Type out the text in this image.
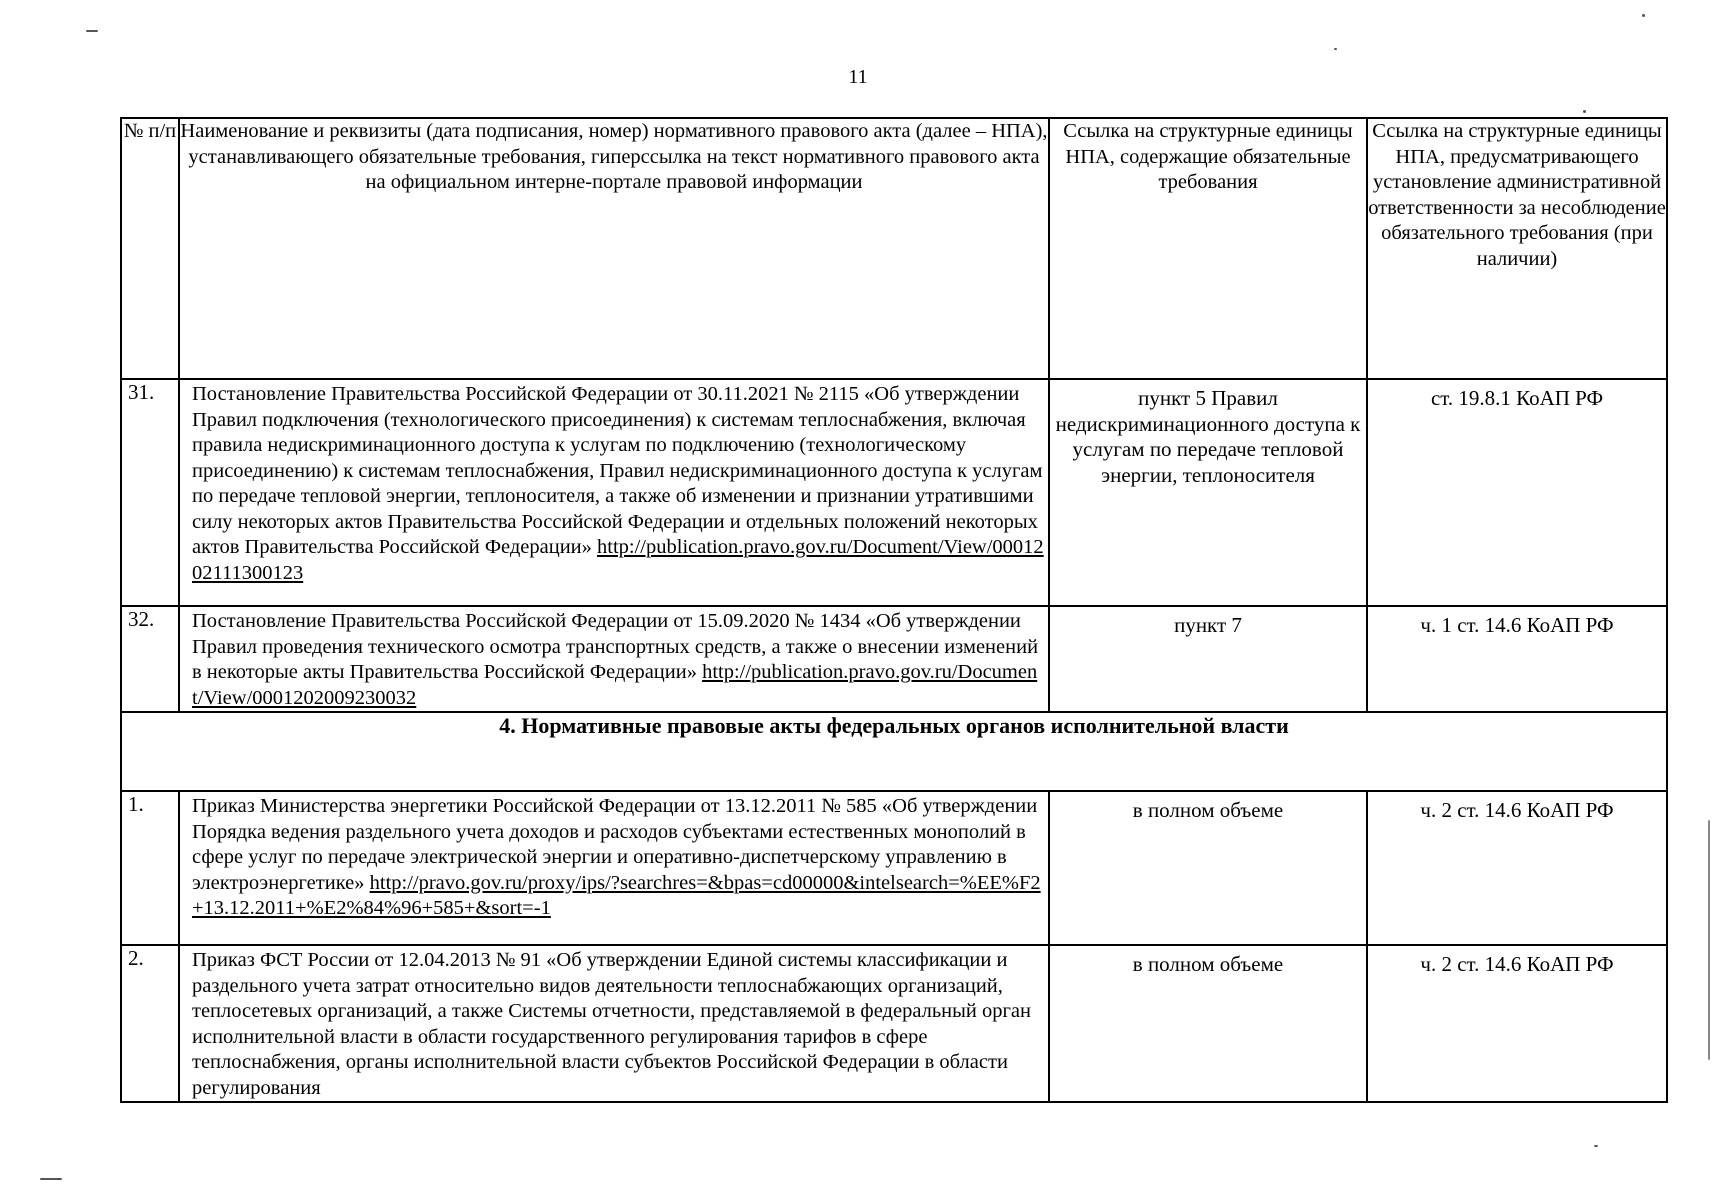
11
№ п/п	Наименование и реквизиты (дата подписания, номер) нормативного правового акта (далее – НПА), устанавливающего обязательные требования, гиперссылка на текст нормативного правового акта на официальном интерне-портале правовой информации	Ссылка на структурные единицы НПА, содержащие обязательные требования	Ссылка на структурные единицы НПА, предусматривающего установление административной ответственности за несоблюдение обязательного требования (при наличии)
31.	Постановление Правительства Российской Федерации от 30.11.2021 № 2115 «Об утверждении Правил подключения (технологического присоединения) к системам теплоснабжения, включая правила недискриминационного доступа к услугам по подключению (технологическому присоединению) к системам теплоснабжения, Правил недискриминационного доступа к услугам по передаче тепловой энергии, теплоносителя, а также об изменении и признании утратившими силу некоторых актов Правительства Российской Федерации и отдельных положений некоторых актов Правительства Российской Федерации» http://publication.pravo.gov.ru/Document/View/0001202111300123	пункт 5 Правил недискриминационного доступа к услугам по передаче тепловой энергии, теплоносителя	ст. 19.8.1 КоАП РФ
32.	Постановление Правительства Российской Федерации от 15.09.2020 № 1434 «Об утверждении Правил проведения технического осмотра транспортных средств, а также о внесении изменений в некоторые акты Правительства Российской Федерации» http://publication.pravo.gov.ru/Document/View/0001202009230032	пункт 7	ч. 1 ст. 14.6 КоАП РФ
4. Нормативные правовые акты федеральных органов исполнительной власти			
1.	Приказ Министерства энергетики Российской Федерации от 13.12.2011 № 585 «Об утверждении Порядка ведения раздельного учета доходов и расходов субъектами естественных монополий в сфере услуг по передаче электрической энергии и оперативно-диспетчерскому управлению в электроэнергетике» http://pravo.gov.ru/proxy/ips/?searchres=&bpas=cd00000&intelsearch=%EE%F2+13.12.2011+%E2%84%96+585+&sort=-1	в полном объеме	ч. 2 ст. 14.6 КоАП РФ
2.	Приказ ФСТ России от 12.04.2013 № 91 «Об утверждении Единой системы классификации и раздельного учета затрат относительно видов деятельности теплоснабжающих организаций, теплосетевых организаций, а также Системы отчетности, представляемой в федеральный орган исполнительной власти в области государственного регулирования тарифов в сфере теплоснабжения, органы исполнительной власти субъектов Российской Федерации в области регулирования	в полном объеме	ч. 2 ст. 14.6 КоАП РФ
